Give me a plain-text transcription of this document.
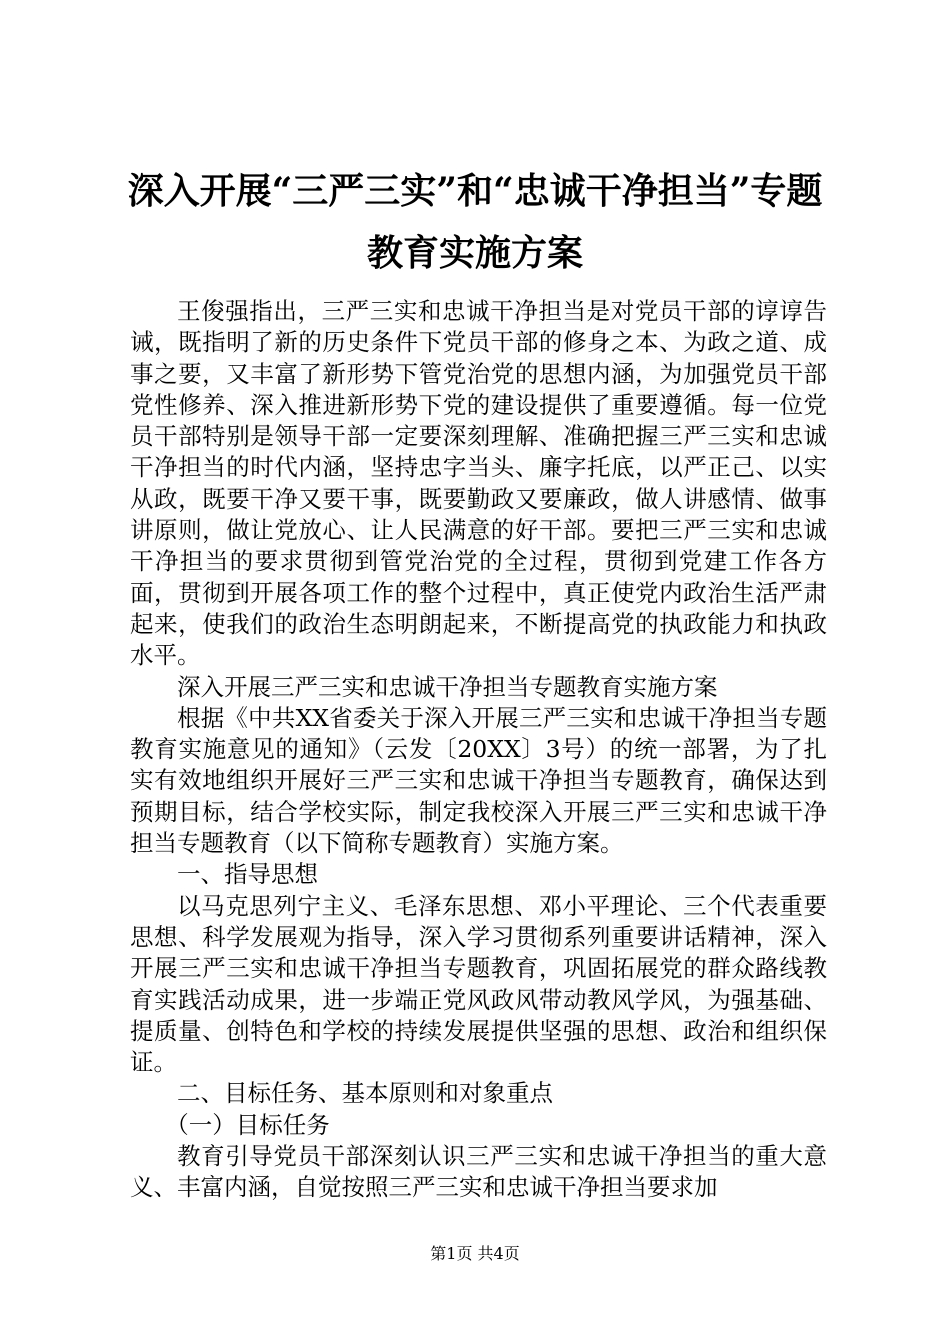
深入开展“三严三实”和“忠诚干净担当”专题教育实施方案

王俊强指出，三严三实和忠诚干净担当是对党员干部的谆谆告诫，既指明了新的历史条件下党员干部的修身之本、为政之道、成事之要，又丰富了新形势下管党治党的思想内涵，为加强党员干部党性修养、深入推进新形势下党的建设提供了重要遵循。每一位党员干部特别是领导干部一定要深刻理解、准确把握三严三实和忠诚干净担当的时代内涵，坚持忠字当头、廉字托底，以严正己、以实从政，既要干净又要干事，既要勤政又要廉政，做人讲感情、做事讲原则，做让党放心、让人民满意的好干部。要把三严三实和忠诚干净担当的要求贯彻到管党治党的全过程，贯彻到党建工作各方面，贯彻到开展各项工作的整个过程中，真正使党内政治生活严肃起来，使我们的政治生态明朗起来，不断提高党的执政能力和执政水平。

深入开展三严三实和忠诚干净担当专题教育实施方案

根据《中共XX省委关于深入开展三严三实和忠诚干净担当专题教育实施意见的通知》（云发〔20XX〕3号）的统一部署，为了扎实有效地组织开展好三严三实和忠诚干净担当专题教育，确保达到预期目标，结合学校实际，制定我校深入开展三严三实和忠诚干净担当专题教育（以下简称专题教育）实施方案。

一、指导思想

以马克思列宁主义、毛泽东思想、邓小平理论、三个代表重要思想、科学发展观为指导，深入学习贯彻系列重要讲话精神，深入开展三严三实和忠诚干净担当专题教育，巩固拓展党的群众路线教育实践活动成果，进一步端正党风政风带动教风学风，为强基础、提质量、创特色和学校的持续发展提供坚强的思想、政治和组织保证。

二、目标任务、基本原则和对象重点

（一）目标任务

教育引导党员干部深刻认识三严三实和忠诚干净担当的重大意义、丰富内涵，自觉按照三严三实和忠诚干净担当要求加

第1页 共4页
